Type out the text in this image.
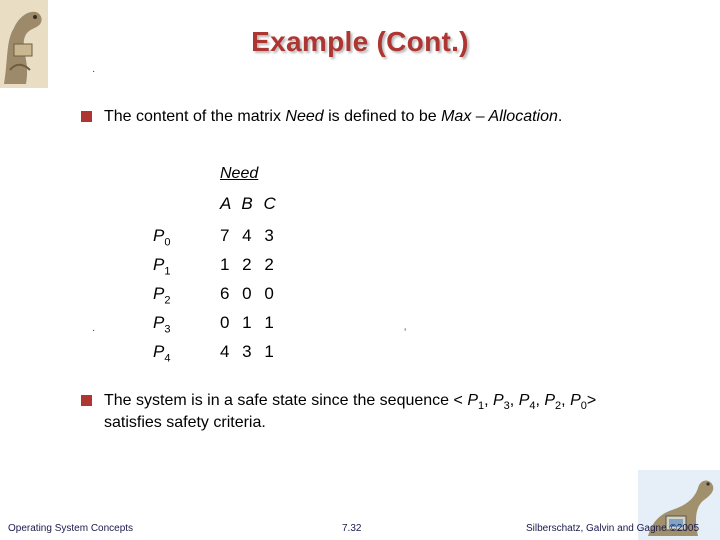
Example (Cont.)
·
The content of the matrix Need is defined to be Max – Allocation.
Need
A B C
$P_0$	7 4 3
$P_1$	1 2 2
$P_2$	6 0 0
$P_3$	0 1 1
$P_4$	4 3 1
·	ʼ
The system is in a safe state since the sequence < $P_1$, $P_3$, $P_4$, $P_2$, $P_0>$
satisfies safety criteria.
Operating System Concepts	7.32	Silberschatz, Galvin and Gagne ©2005
